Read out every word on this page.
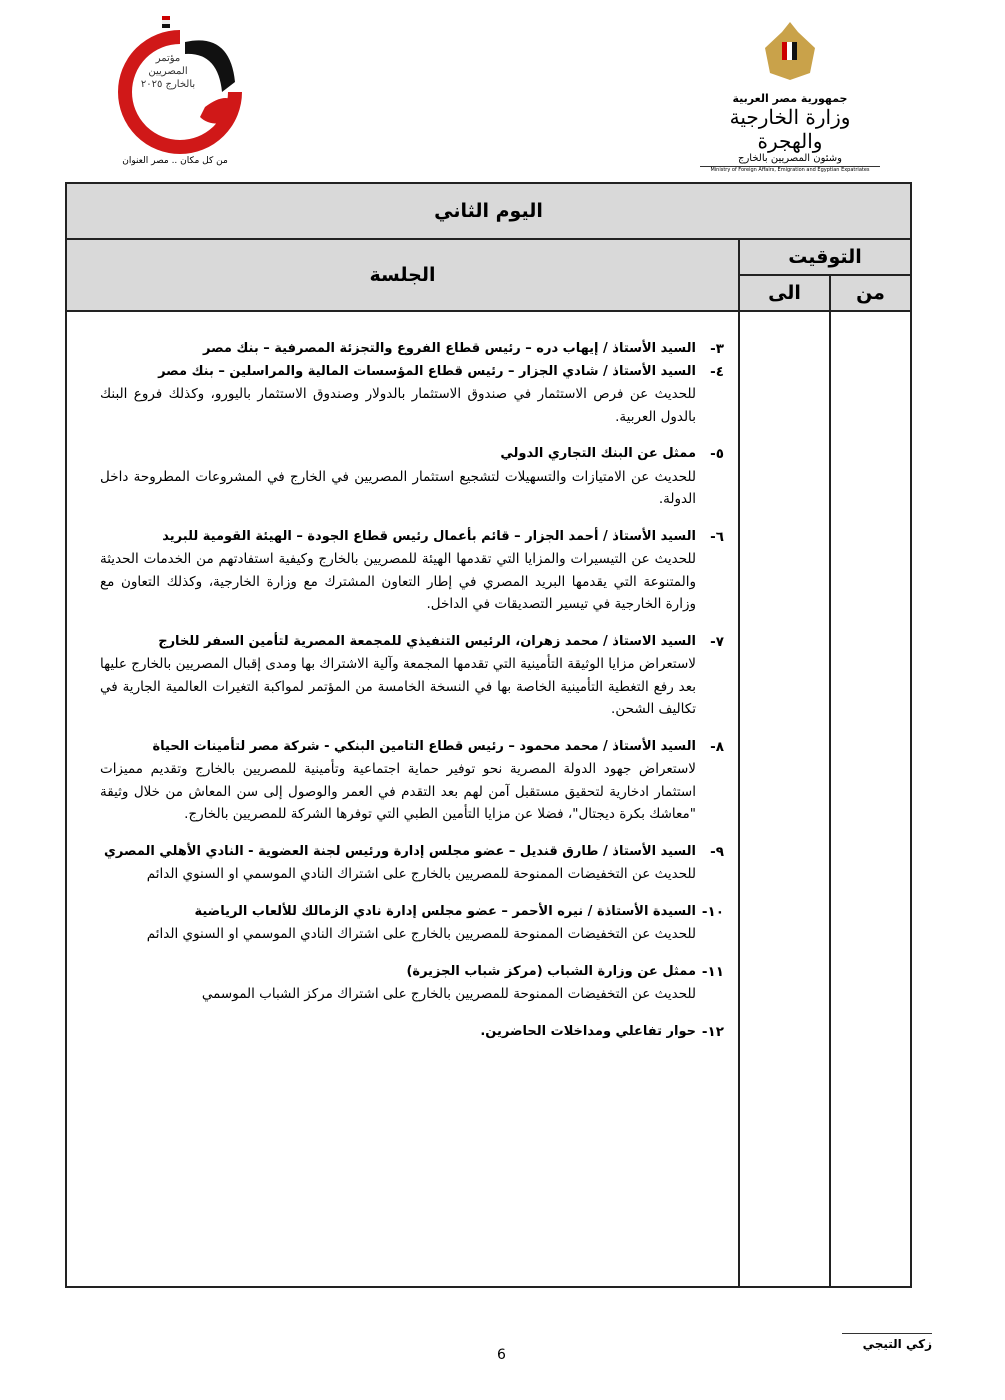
مؤتمر المصريين بالخارج ٢٠٢٥
من كل مكان .. مصر العنوان
جمهورية مصر العربية
وزارة الخارجية والهجرة
وشئون المصريين بالخارج
Ministry of Foreign Affairs, Emigration and Egyptian Expatriates
اليوم الثاني
الجلسة
التوقيت
من
الى
٣-
السيد الأستاذ / إيهاب دره – رئيس قطاع الفروع والتجزئة المصرفية – بنك مصر
٤-
السيد الأستاذ / شادي الجزار – رئيس قطاع المؤسسات المالية والمراسلين – بنك مصر
للحديث عن فرص الاستثمار في صندوق الاستثمار بالدولار وصندوق الاستثمار باليورو، وكذلك فروع البنك بالدول العربية.
٥-
ممثل عن البنك التجاري الدولي
للحديث عن الامتيازات والتسهيلات لتشجيع استثمار المصريين في الخارج في المشروعات المطروحة داخل الدولة.
٦-
السيد الأستاذ / أحمد الجزار – قائم بأعمال رئيس قطاع الجودة – الهيئة القومية للبريد
للحديث عن التيسيرات والمزايا التي تقدمها الهيئة للمصريين بالخارج وكيفية استفادتهم من الخدمات الحديثة والمتنوعة التي يقدمها البريد المصري في إطار التعاون المشترك مع وزارة الخارجية، وكذلك التعاون مع وزارة الخارجية في تيسير التصديقات في الداخل.
٧-
السيد الاستاذ / محمد زهران، الرئيس التنفيذي للمجمعة المصرية لتأمين السفر للخارج
لاستعراض مزايا الوثيقة التأمينية التي تقدمها المجمعة وآلية الاشتراك بها ومدى إقبال المصريين بالخارج عليها بعد رفع التغطية التأمينية الخاصة بها في النسخة الخامسة من المؤتمر لمواكبة التغيرات العالمية الجارية في تكاليف الشحن.
٨-
السيد الأستاذ / محمد محمود – رئيس قطاع التامين البنكي - شركة مصر لتأمينات الحياة
لاستعراض جهود الدولة المصرية نحو توفير حماية اجتماعية وتأمينية للمصريين بالخارج وتقديم مميزات استثمار ادخارية لتحقيق مستقبل آمن لهم بعد التقدم في العمر والوصول إلى سن المعاش من خلال وثيقة "معاشك بكرة ديجتال"، فضلا عن مزايا التأمين الطبي التي توفرها الشركة للمصريين بالخارج.
٩-
السيد الأستاذ / طارق قنديل – عضو مجلس إدارة ورئيس لجنة العضوية - النادي الأهلي المصري
للحديث عن التخفيضات الممنوحة للمصريين بالخارج على اشتراك النادي الموسمي او السنوي الدائم
١٠-
السيدة الأستاذة / نيره الأحمر – عضو مجلس إدارة نادي الزمالك للألعاب الرياضية
للحديث عن التخفيضات الممنوحة للمصريين بالخارج على اشتراك النادي الموسمي او السنوي الدائم
١١-
ممثل عن وزارة الشباب (مركز شباب الجزيرة)
للحديث عن التخفيضات الممنوحة للمصريين بالخارج على اشتراك مركز الشباب الموسمي
١٢-
حوار تفاعلي ومداخلات الحاضرين.
زكي التيجي
6
